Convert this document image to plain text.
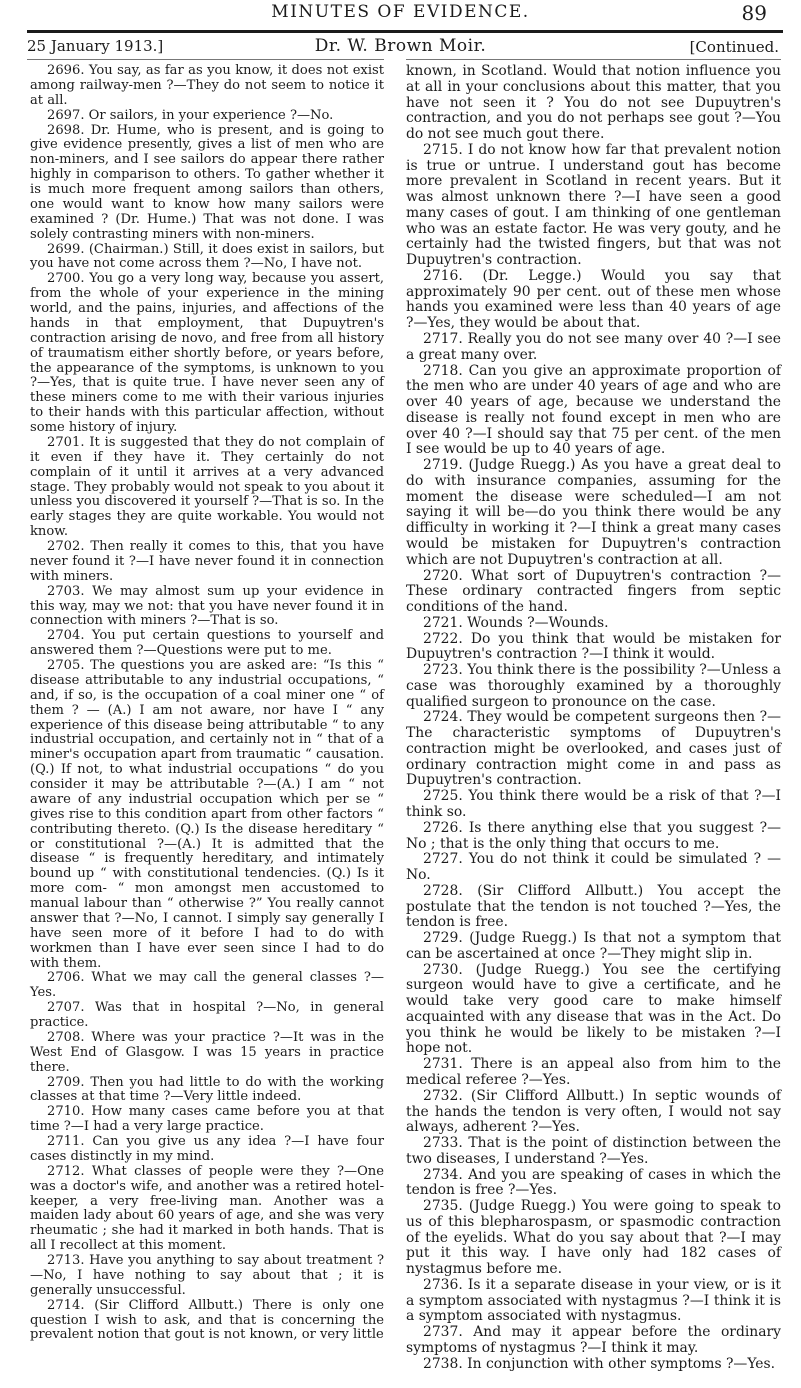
MINUTES OF EVIDENCE.	89
25 January 1913.]	Dr. W. Brown Moir.	[Continued.

2696. You say, as far as you know, it does not exist among railway-men ?—They do not seem to notice it at all.

2697. Or sailors, in your experience ?—No.

2698. Dr. Hume, who is present, and is going to give evidence presently, gives a list of men who are non-miners, and I see sailors do appear there rather highly in comparison to others. To gather whether it is much more frequent among sailors than others, one would want to know how many sailors were examined ? (Dr. Hume.) That was not done. I was solely contrasting miners with non-miners.

2699. (Chairman.) Still, it does exist in sailors, but you have not come across them ?—No, I have not.

2700. You go a very long way, because you assert, from the whole of your experience in the mining world, and the pains, injuries, and affections of the hands in that employment, that Dupuytren's contraction arising de novo, and free from all history of traumatism either shortly before, or years before, the appearance of the symptoms, is unknown to you ?—Yes, that is quite true. I have never seen any of these miners come to me with their various injuries to their hands with this particular affection, without some history of injury.

2701. It is suggested that they do not complain of it even if they have it. They certainly do not complain of it until it arrives at a very advanced stage. They probably would not speak to you about it unless you discovered it yourself ?—That is so. In the early stages they are quite workable. You would not know.

2702. Then really it comes to this, that you have never found it ?—I have never found it in connection with miners.

2703. We may almost sum up your evidence in this way, may we not: that you have never found it in connection with miners ?—That is so.

2704. You put certain questions to yourself and answered them ?—Questions were put to me.

2705. The questions you are asked are: “Is this “ disease attributable to any industrial occupations, “ and, if so, is the occupation of a coal miner one “ of them ? — (A.) I am not aware, nor have I “ any experience of this disease being attributable “ to any industrial occupation, and certainly not in “ that of a miner's occupation apart from traumatic “ causation. (Q.) If not, to what industrial occupations “ do you consider it may be attributable ?—(A.) I am “ not aware of any industrial occupation which per se “ gives rise to this condition apart from other factors “ contributing thereto. (Q.) Is the disease hereditary “ or constitutional ?—(A.) It is admitted that the disease “ is frequently hereditary, and intimately bound up “ with constitutional tendencies. (Q.) Is it more com- “ mon amongst men accustomed to manual labour than “ otherwise ?” You really cannot answer that ?—No, I cannot. I simply say generally I have seen more of it before I had to do with workmen than I have ever seen since I had to do with them.

2706. What we may call the general classes ?—Yes.

2707. Was that in hospital ?—No, in general practice.

2708. Where was your practice ?—It was in the West End of Glasgow. I was 15 years in practice there.

2709. Then you had little to do with the working classes at that time ?—Very little indeed.

2710. How many cases came before you at that time ?—I had a very large practice.

2711. Can you give us any idea ?—I have four cases distinctly in my mind.

2712. What classes of people were they ?—One was a doctor's wife, and another was a retired hotel-keeper, a very free-living man. Another was a maiden lady about 60 years of age, and she was very rheumatic ; she had it marked in both hands. That is all I recollect at this moment.

2713. Have you anything to say about treatment ? —No, I have nothing to say about that ; it is generally unsuccessful.

2714. (Sir Clifford Allbutt.) There is only one question I wish to ask, and that is concerning the prevalent notion that gout is not known, or very little

known, in Scotland. Would that notion influence you at all in your conclusions about this matter, that you have not seen it ? You do not see Dupuytren's contraction, and you do not perhaps see gout ?—You do not see much gout there.

2715. I do not know how far that prevalent notion is true or untrue. I understand gout has become more prevalent in Scotland in recent years. But it was almost unknown there ?—I have seen a good many cases of gout. I am thinking of one gentleman who was an estate factor. He was very gouty, and he certainly had the twisted fingers, but that was not Dupuytren's contraction.

2716. (Dr. Legge.) Would you say that approximately 90 per cent. out of these men whose hands you examined were less than 40 years of age ?—Yes, they would be about that.

2717. Really you do not see many over 40 ?—I see a great many over.

2718. Can you give an approximate proportion of the men who are under 40 years of age and who are over 40 years of age, because we understand the disease is really not found except in men who are over 40 ?—I should say that 75 per cent. of the men I see would be up to 40 years of age.

2719. (Judge Ruegg.) As you have a great deal to do with insurance companies, assuming for the moment the disease were scheduled—I am not saying it will be—do you think there would be any difficulty in working it ?—I think a great many cases would be mistaken for Dupuytren's contraction which are not Dupuytren's contraction at all.

2720. What sort of Dupuytren's contraction ?—These ordinary contracted fingers from septic conditions of the hand.

2721. Wounds ?—Wounds.

2722. Do you think that would be mistaken for Dupuytren's contraction ?—I think it would.

2723. You think there is the possibility ?—Unless a case was thoroughly examined by a thoroughly qualified surgeon to pronounce on the case.

2724. They would be competent surgeons then ?—The characteristic symptoms of Dupuytren's contraction might be overlooked, and cases just of ordinary contraction might come in and pass as Dupuytren's contraction.

2725. You think there would be a risk of that ?—I think so.

2726. Is there anything else that you suggest ?—No ; that is the only thing that occurs to me.

2727. You do not think it could be simulated ? —No.

2728. (Sir Clifford Allbutt.) You accept the postulate that the tendon is not touched ?—Yes, the tendon is free.

2729. (Judge Ruegg.) Is that not a symptom that can be ascertained at once ?—They might slip in.

2730. (Judge Ruegg.) You see the certifying surgeon would have to give a certificate, and he would take very good care to make himself acquainted with any disease that was in the Act. Do you think he would be likely to be mistaken ?—I hope not.

2731. There is an appeal also from him to the medical referee ?—Yes.

2732. (Sir Clifford Allbutt.) In septic wounds of the hands the tendon is very often, I would not say always, adherent ?—Yes.

2733. That is the point of distinction between the two diseases, I understand ?—Yes.

2734. And you are speaking of cases in which the tendon is free ?—Yes.

2735. (Judge Ruegg.) You were going to speak to us of this blepharospasm, or spasmodic contraction of the eyelids. What do you say about that ?—I may put it this way. I have only had 182 cases of nystagmus before me.

2736. Is it a separate disease in your view, or is it a symptom associated with nystagmus ?—I think it is a symptom associated with nystagmus.

2737. And may it appear before the ordinary symptoms of nystagmus ?—I think it may.

2738. In conjunction with other symptoms ?—Yes.
